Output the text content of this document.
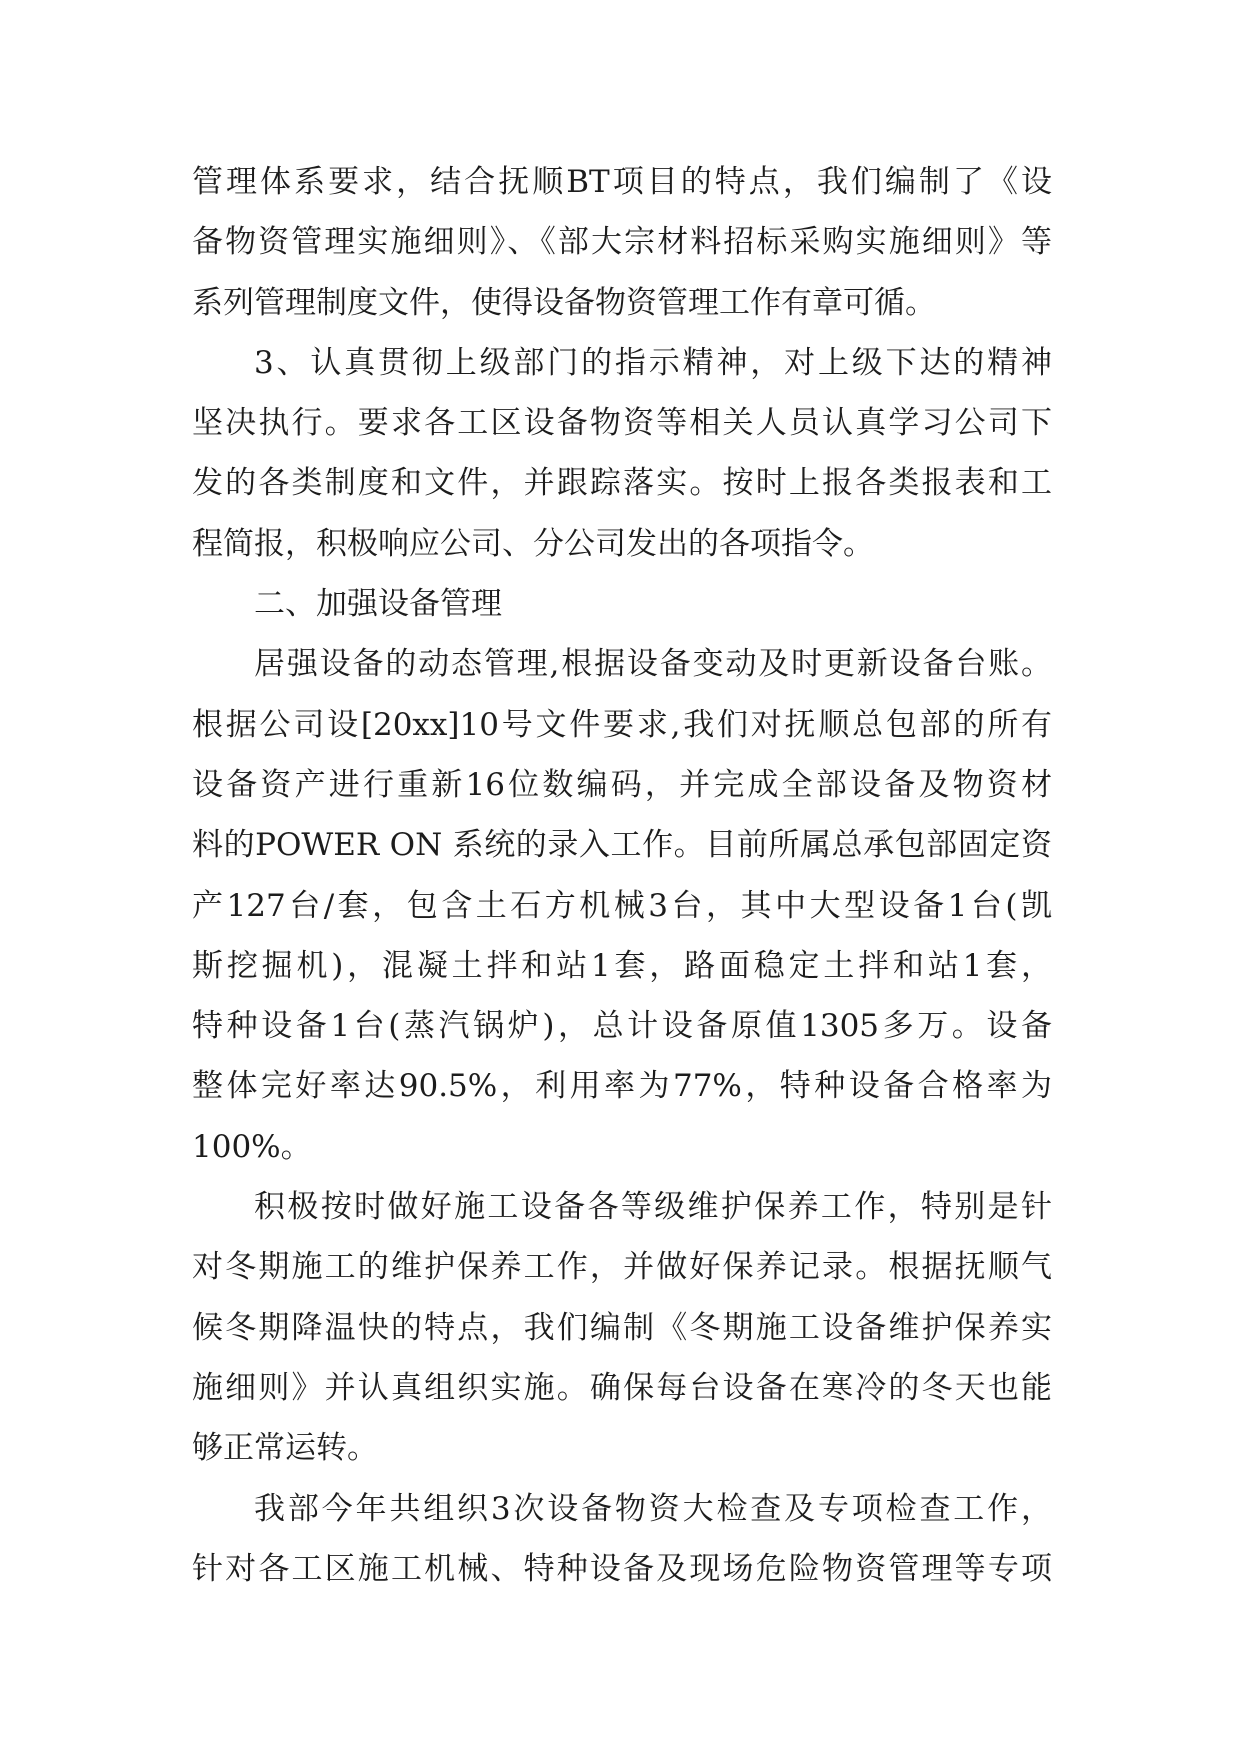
管理体系要求，结合抚顺BT项目的特点，我们编制了《设
备物资管理实施细则》、《部大宗材料招标采购实施细则》等
系列管理制度文件，使得设备物资管理工作有章可循。
3、认真贯彻上级部门的指示精神，对上级下达的精神
坚决执行。要求各工区设备物资等相关人员认真学习公司下
发的各类制度和文件，并跟踪落实。按时上报各类报表和工
程简报，积极响应公司、分公司发出的各项指令。
二、加强设备管理
居强设备的动态管理,根据设备变动及时更新设备台账。
根据公司设[20xx]10号文件要求,我们对抚顺总包部的所有
设备资产进行重新16位数编码，并完成全部设备及物资材
料的POWER ON 系统的录入工作。目前所属总承包部固定资
产127台/套，包含土石方机械3台，其中大型设备1台(凯
斯挖掘机)，混凝土拌和站1套，路面稳定土拌和站1套，
特种设备1台(蒸汽锅炉)，总计设备原值1305多万。设备
整体完好率达90.5%，利用率为77%，特种设备合格率为
100%。
积极按时做好施工设备各等级维护保养工作，特别是针
对冬期施工的维护保养工作，并做好保养记录。根据抚顺气
候冬期降温快的特点，我们编制《冬期施工设备维护保养实
施细则》并认真组织实施。确保每台设备在寒冷的冬天也能
够正常运转。
我部今年共组织3次设备物资大检查及专项检查工作，
针对各工区施工机械、特种设备及现场危险物资管理等专项
